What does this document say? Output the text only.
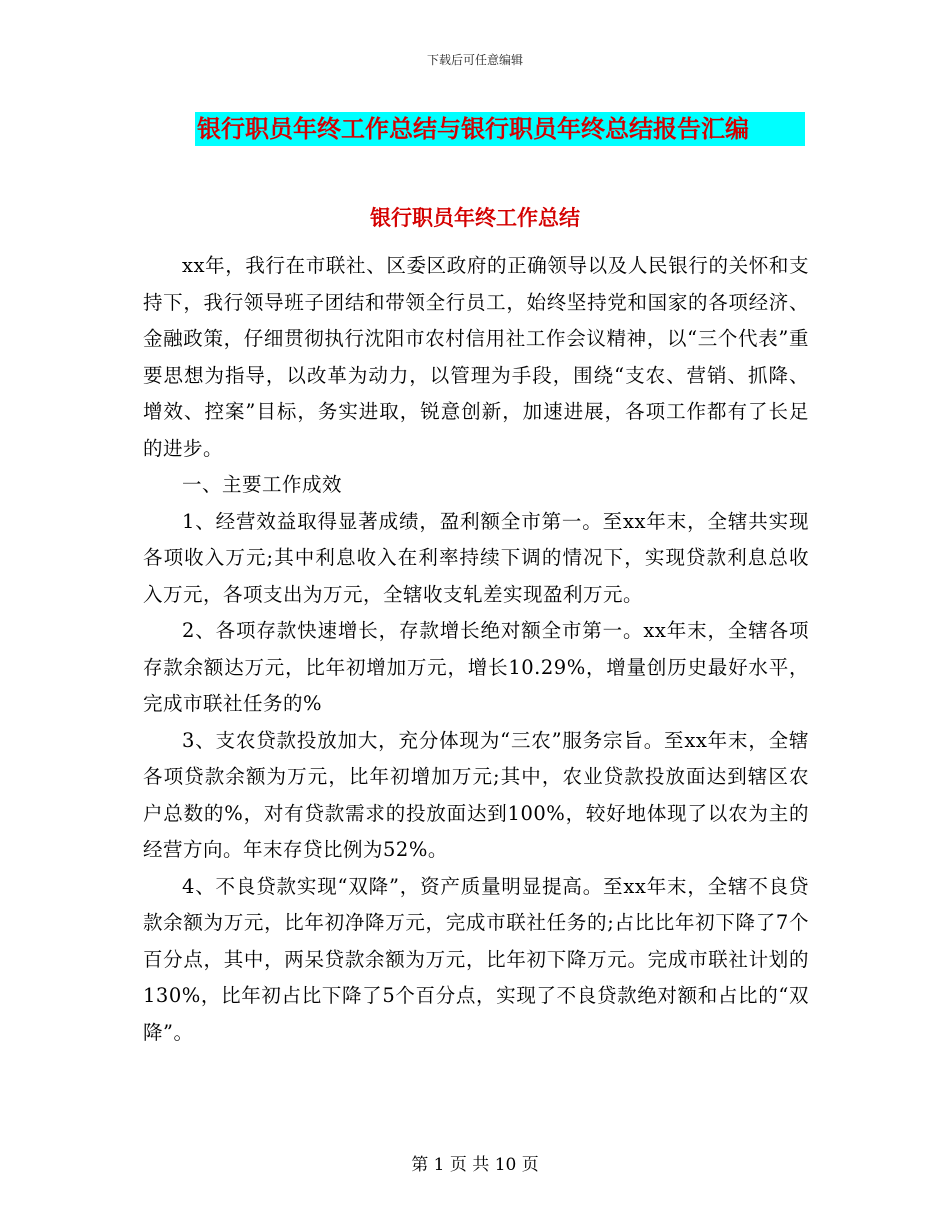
下载后可任意编辑
银行职员年终工作总结与银行职员年终总结报告汇编
银行职员年终工作总结

xx年，我行在市联社、区委区政府的正确领导以及人民银行的关怀和支持下，我行领导班子团结和带领全行员工，始终坚持党和国家的各项经济、金融政策，仔细贯彻执行沈阳市农村信用社工作会议精神，以“三个代表”重要思想为指导，以改革为动力，以管理为手段，围绕“支农、营销、抓降、增效、控案”目标，务实进取，锐意创新，加速进展，各项工作都有了长足的进步。

一、主要工作成效

1、经营效益取得显著成绩，盈利额全市第一。至xx年末，全辖共实现各项收入万元;其中利息收入在利率持续下调的情况下，实现贷款利息总收入万元，各项支出为万元，全辖收支轧差实现盈利万元。

2、各项存款快速增长，存款增长绝对额全市第一。xx年末，全辖各项存款余额达万元，比年初增加万元，增长10.29%，增量创历史最好水平，完成市联社任务的%

3、支农贷款投放加大，充分体现为“三农”服务宗旨。至xx年末，全辖各项贷款余额为万元，比年初增加万元;其中，农业贷款投放面达到辖区农户总数的%，对有贷款需求的投放面达到100%，较好地体现了以农为主的经营方向。年末存贷比例为52%。

4、不良贷款实现“双降”，资产质量明显提高。至xx年末，全辖不良贷款余额为万元，比年初净降万元，完成市联社任务的;占比比年初下降了7个百分点，其中，两呆贷款余额为万元，比年初下降万元。完成市联社计划的130%，比年初占比下降了5个百分点，实现了不良贷款绝对额和占比的“双降”。

第 1 页 共 10 页
